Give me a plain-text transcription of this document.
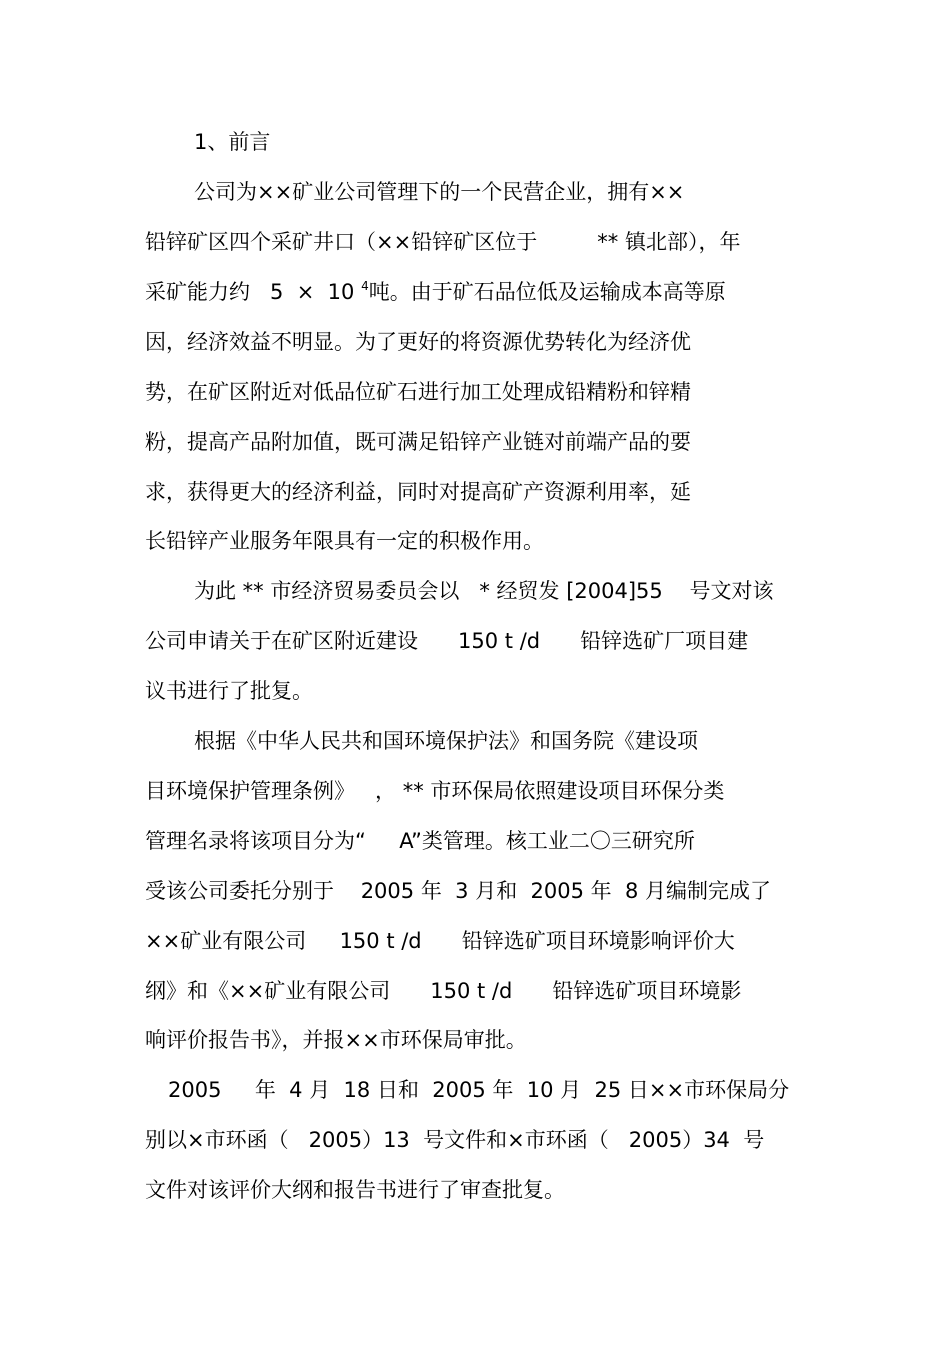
1、前言
公司为××矿业公司管理下的一个民营企业，拥有××
铅锌矿区四个采矿井口（××铅锌矿区位于         ** 镇北部），年
采矿能力约   5  ×  10 $^4$吨。由于矿石品位低及运输成本高等原
因，经济效益不明显。为了更好的将资源优势转化为经济优
势，在矿区附近对低品位矿石进行加工处理成铅精粉和锌精
粉，提高产品附加值，既可满足铅锌产业链对前端产品的要
求，获得更大的经济利益，同时对提高矿产资源利用率，延
长铅锌产业服务年限具有一定的积极作用。
为此 ** 市经济贸易委员会以   * 经贸发 [2004]55    号文对该
公司申请关于在矿区附近建设      150 t /d      铅锌选矿厂项目建
议书进行了批复。
根据《中华人民共和国环境保护法》和国务院《建设项
目环境保护管理条例》   ， ** 市环保局依照建设项目环保分类
管理名录将该项目分为“     A”类管理。核工业二〇三研究所
受该公司委托分别于    2005 年  3 月和  2005 年  8 月编制完成了
××矿业有限公司     150 t /d      铅锌选矿项目环境影响评价大
纲》和《××矿业有限公司      150 t /d      铅锌选矿项目环境影
响评价报告书》，并报××市环保局审批。
2005     年  4 月  18 日和  2005 年  10 月  25 日××市环保局分
别以×市环函（   2005）13  号文件和×市环函（   2005）34  号
文件对该评价大纲和报告书进行了审查批复。
